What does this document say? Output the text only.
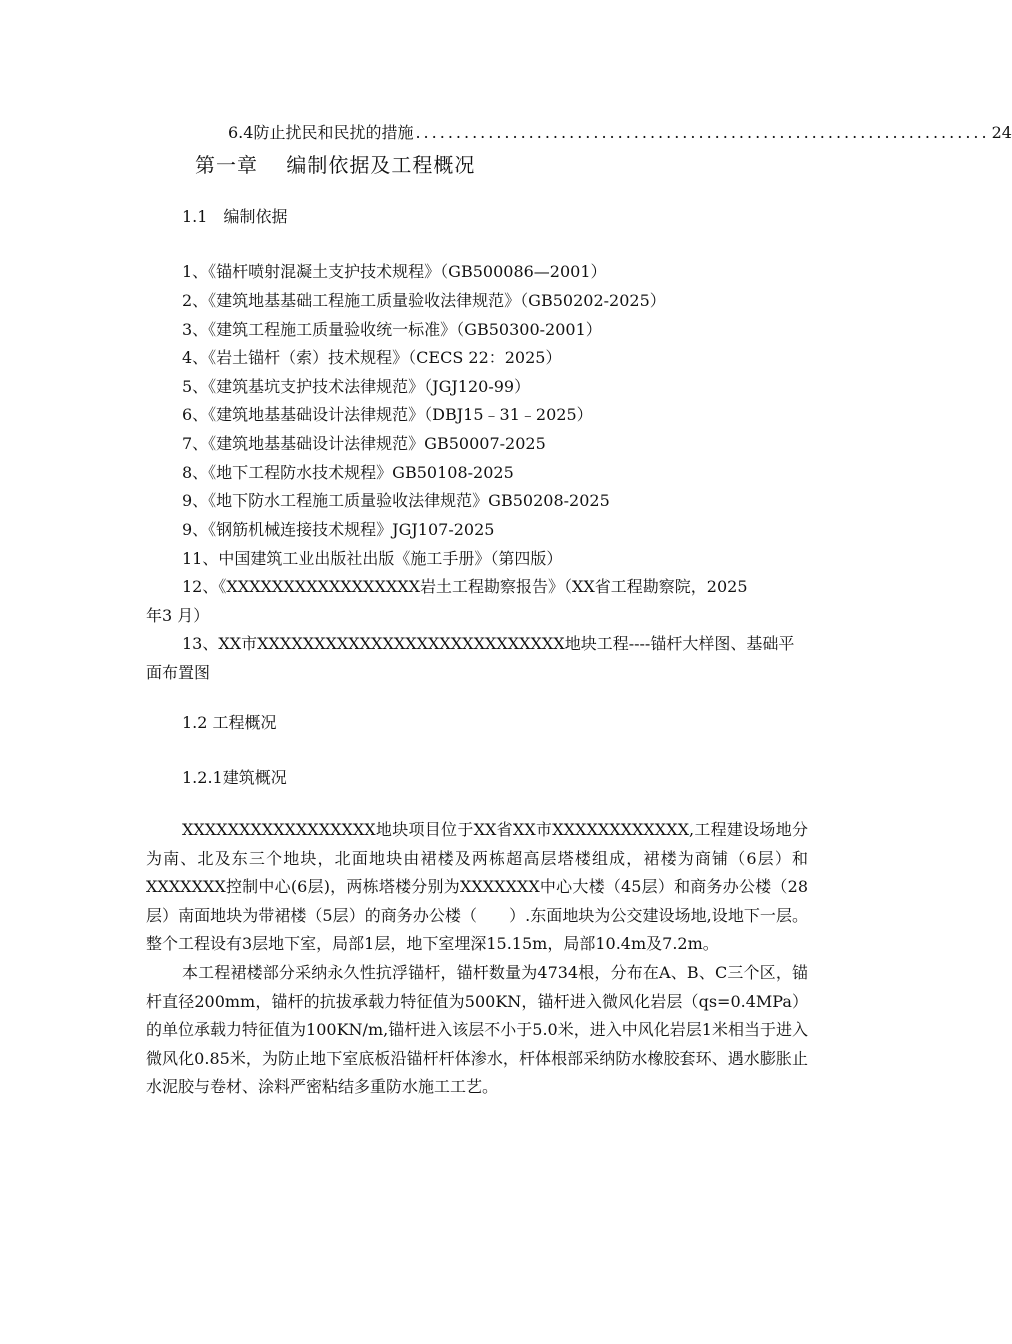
6.4 防止扰民和民扰的措施 ....................................................................... 24
第一章　 编制依据及工程概况
1.1　编制依据
1、《锚杆喷射混凝土支护技术规程》（GB500086—2001）
2、《建筑地基基础工程施工质量验收法律规范》（GB50202-2025）
3、《建筑工程施工质量验收统一标准》（GB50300-2001）
4、《岩土锚杆（索）技术规程》（CECS 22：2025）
5、《建筑基坑支护技术法律规范》（JGJ120-99）
6、《建筑地基基础设计法律规范》（DBJ15﹣31﹣2025）
7、《建筑地基基础设计法律规范》GB50007-2025
8、《地下工程防水技术规程》GB50108-2025
9、《地下防水工程施工质量验收法律规范》GB50208-2025
9、《钢筋机械连接技术规程》JGJ107-2025
11、中国建筑工业出版社出版《施工手册》（第四版）
12、《XXXXXXXXXXXXXXXXX岩土工程勘察报告》（XX省工程勘察院，2025
年3 月）
13、XX市XXXXXXXXXXXXXXXXXXXXXXXXXXX地块工程----锚杆大样图、基础平
面布置图
1.2 工程概况
1.2.1建筑概况

XXXXXXXXXXXXXXXXX地块项目位于XX省XX市XXXXXXXXXXXX,工程建设场地分为南、北及东三个地块，北面地块由裙楼及两栋超高层塔楼组成，裙楼为商铺（6层）和XXXXXXX控制中心(6层)，两栋塔楼分别为XXXXXXX中心大楼（45层）和商务办公楼（28层）南面地块为带裙楼（5层）的商务办公楼（　　）.东面地块为公交建设场地,设地下一层。整个工程设有3层地下室，局部1层，地下室埋深15.15m，局部10.4m及7.2m。

本工程裙楼部分采纳永久性抗浮锚杆，锚杆数量为4734根，分布在A、B、C三个区，锚杆直径200mm，锚杆的抗拔承载力特征值为500KN，锚杆进入微风化岩层（qs=0.4MPa）的单位承载力特征值为100KN/m,锚杆进入该层不小于5.0米，进入中风化岩层1米相当于进入微风化0.85米，为防止地下室底板沿锚杆杆体渗水，杆体根部采纳防水橡胶套环、遇水膨胀止水泥胶与卷材、涂料严密粘结多重防水施工工艺。
